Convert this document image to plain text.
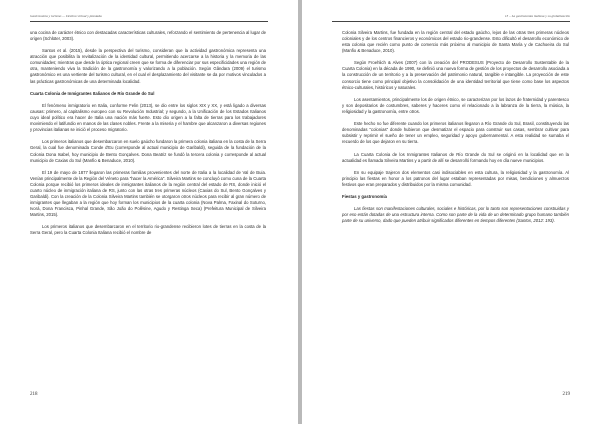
Gastronomía y turismo — Destino virtual y plantada

una cocina de carácter étnico con destacadas características culturales, reforzando el sentimiento de pertenencia al lugar de origen (Schlüter, 2003).

Santos et al. (2015), desde la perspectiva del turismo, consideran que la actividad gastronómica representa una atracción que posibilita la revitalización de la identidad cultural, permitiendo acercarse a la historia y la memoria de las comunidades; mientras que desde la óptica regional creen que se forma de diferenciar por sus especificidades una región de otra, manteniendo viva la tradición de la gastronomía y valorizando a la población. Según Gândara (2009) el turismo gastronómico es una vertiente del turismo cultural, en el cual el desplazamiento del visitante se da por motivos vinculados a las prácticas gastronómicas de una determinada localidad.

Cuarta Colonia de Inmigrantes Italianos de Río Grande do Sul

El fenómeno inmigratorio en Italia, conforme Felin (2013), se dio entre los siglos XIX y XX, y está ligado a diversas causas: primero, al capitalismo europeo con su Revolución Industrial; y segundo, a la Unificación de los Estados Italianos cuyo ideal político era hacer de Italia una nación más fuerte. Esto dio origen a la falta de tierras para los trabajadores movimiendo el latifundio en manos de las clases nobles. Frente a la miseria y el hambre que alcanzaron a diversas regiones y provincias italianas se inició el proceso migratorio.

Los primeros italianos que desembarcaron en suelo gaúcho fundaron la primera colonia italiana en la costa de la Serra Geral, la cual fue denominada Conde d'Eu (corresponde al actual municipio de Garibaldi), seguida de la fundación de la Colonia Dona Isabel, hoy municipio de Bento Gonçalves. Dona Beatriz se fundó la tercera colonia y corresponde al actual municipio de Caxias do Sul (Manfio & Benaduce, 2010).

El 19 de mayo de 1877 llegaron las primeras familias provenientes del norte de Italia a la localidad de Val de Buia. Venían principalmente de la Región del Véneto para "hacer la América". Silveira Martins se concluyó como cuna de la Cuarta Colonia porque recibió los primeros ideales de inmigrantes italianos de la región central del estado de RS, donde inició el cuarto núcleo de inmigración italiana de RS, junto con las otras tres primeras núcleos (Caxias do Sul, Bento Gonçalves y Garibaldi). Con la creación de la Colonia Silveira Martins también se otorgaron otros núcleos para recibir al gran número de inmigrantes que llegaban a la región que hoy forman los municipios de la cuarta colonia (Nova Palma, Faxinal do Soturno, Ivorá, Dona Francisca, Pinhal Grande, São João do Polêsine, Agudo y Restinga Seca) (Prefeitura Municipal de Silveira Martins, 2015).

Los primeros italianos que desembarcaron en el territorio rio-grandense recibieron lotes de tierras en la costa de la Serra Geral, pero la Cuarta Colonia Italiana recibió el nombre de

218
13 – La gastronomía italiana y su globalización

Colonia Silveira Martins, fue fundada en la región central del estado gaúcho, lejos de las otras tres primeras núcleos coloniales y de los centros financieros y económicos del estado rio-grandense. Esto dificultó el desarrollo económico de esta colonia que recién como punto de comercio más próximo al municipio de Santa María y de Cachoeira do Sul (Manfio & Benaduce, 2010).

Según Froehlich & Alves (2007) con la creación del PRODESUS (Proyecto de Desarrollo Sustentable de la Cuarta Colonia) en la década de 1990, se definió una nueva forma de gestión de los proyectos de desarrollo asociada a la construcción de un territorio y a la preservación del patrimonio natural, tangible e intangible. La proyección de este consorcio tiene como principal objetivo la consolidación de una identidad territorial que tiene como base los aspectos étnico-culturales, históricos y naturales.

Los asentamientos, principalmente los de origen étnico, se caracterizan por los lazos de fraternidad y parentesco y son depositarios de costumbres, saberes y haceres como el relacionado a la labranza de la tierra, la música, la religiosidad y la gastronomía, entre otros.

Este hecho no fue diferente cuando los primeros italianos llegaron a Río Grande do Sul, Brasil, constituyendo las denominadas "colonias" donde hubieron que desmatizar el espacio para construir sus casas, sembrar cultivar para subsistir y reprimir el sueño de tener un empleo, seguridad y apoyo gubernamental. A esta realidad se sumaba el recuerdo de los que dejaron en su tierra.

La Cuarta Colonia de los Inmigrantes Italianos de Río Grande do Sul se originó en la localidad que en la actualidad es llamada Silveira Martins y a partir de allí se desarrolló formando hoy en día nueve municipios.

En su equipaje trajeron dos elementos casi indisociables en esta cultura, la religiosidad y la gastronomía. Al principio las fiestas en honor a los patronos del lugar estaban representadas por misas, bendiciones y almuerzos festivos que eran preparados y distribuidos por la misma comunidad.

Fiestas y gastronomía

Las fiestas son manifestaciones culturales, sociales e históricas, por lo tanto son representaciones construidas y por eso están dotadas de una estructura interna. Como son parte de la vida de un determinado grupo humano también parte de su universo, dado que pueden atribuir significados diferentes en tiempos diferentes (Santos, 2012: 193).

219
